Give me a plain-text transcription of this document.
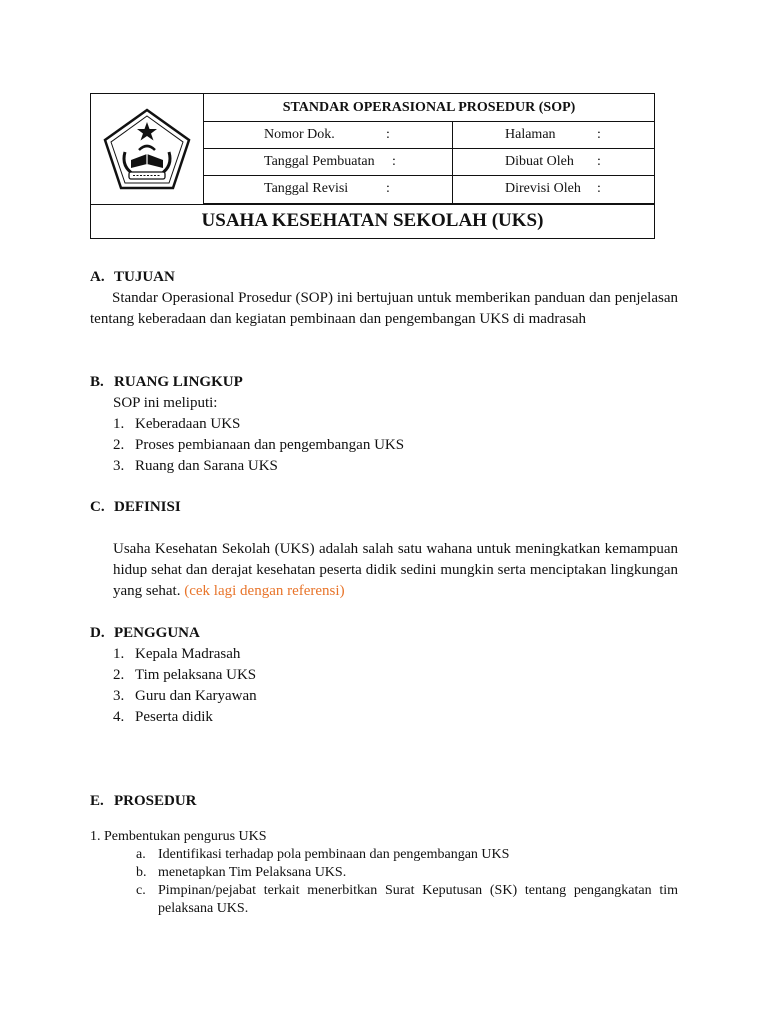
STANDAR OPERASIONAL PROSEDUR (SOP)
Nomor Dok.	:	Halaman	:
Tanggal Pembuatan :	Dibuat Oleh :
Tanggal Revisi	:	Direvisi Oleh :
USAHA KESEHATAN SEKOLAH (UKS)
A. TUJUAN
Standar Operasional Prosedur (SOP) ini bertujuan untuk memberikan panduan dan penjelasan tentang keberadaan dan kegiatan pembinaan dan pengembangan UKS di madrasah
B. RUANG LINGKUP
SOP ini meliputi:
1. Keberadaan UKS
2. Proses pembianaan dan pengembangan UKS
3. Ruang dan Sarana UKS
C. DEFINISI
Usaha Kesehatan Sekolah (UKS) adalah salah satu wahana untuk meningkatkan kemampuan hidup sehat dan derajat kesehatan peserta didik sedini mungkin serta menciptakan lingkungan yang sehat. (cek lagi dengan referensi)
D. PENGGUNA
1. Kepala Madrasah
2. Tim pelaksana UKS
3. Guru dan Karyawan
4. Peserta didik
E. PROSEDUR
1. Pembentukan pengurus UKS
a. Identifikasi terhadap pola pembinaan dan pengembangan UKS
b. menetapkan Tim Pelaksana UKS.
c. Pimpinan/pejabat terkait menerbitkan Surat Keputusan (SK) tentang pengangkatan tim pelaksana UKS.
